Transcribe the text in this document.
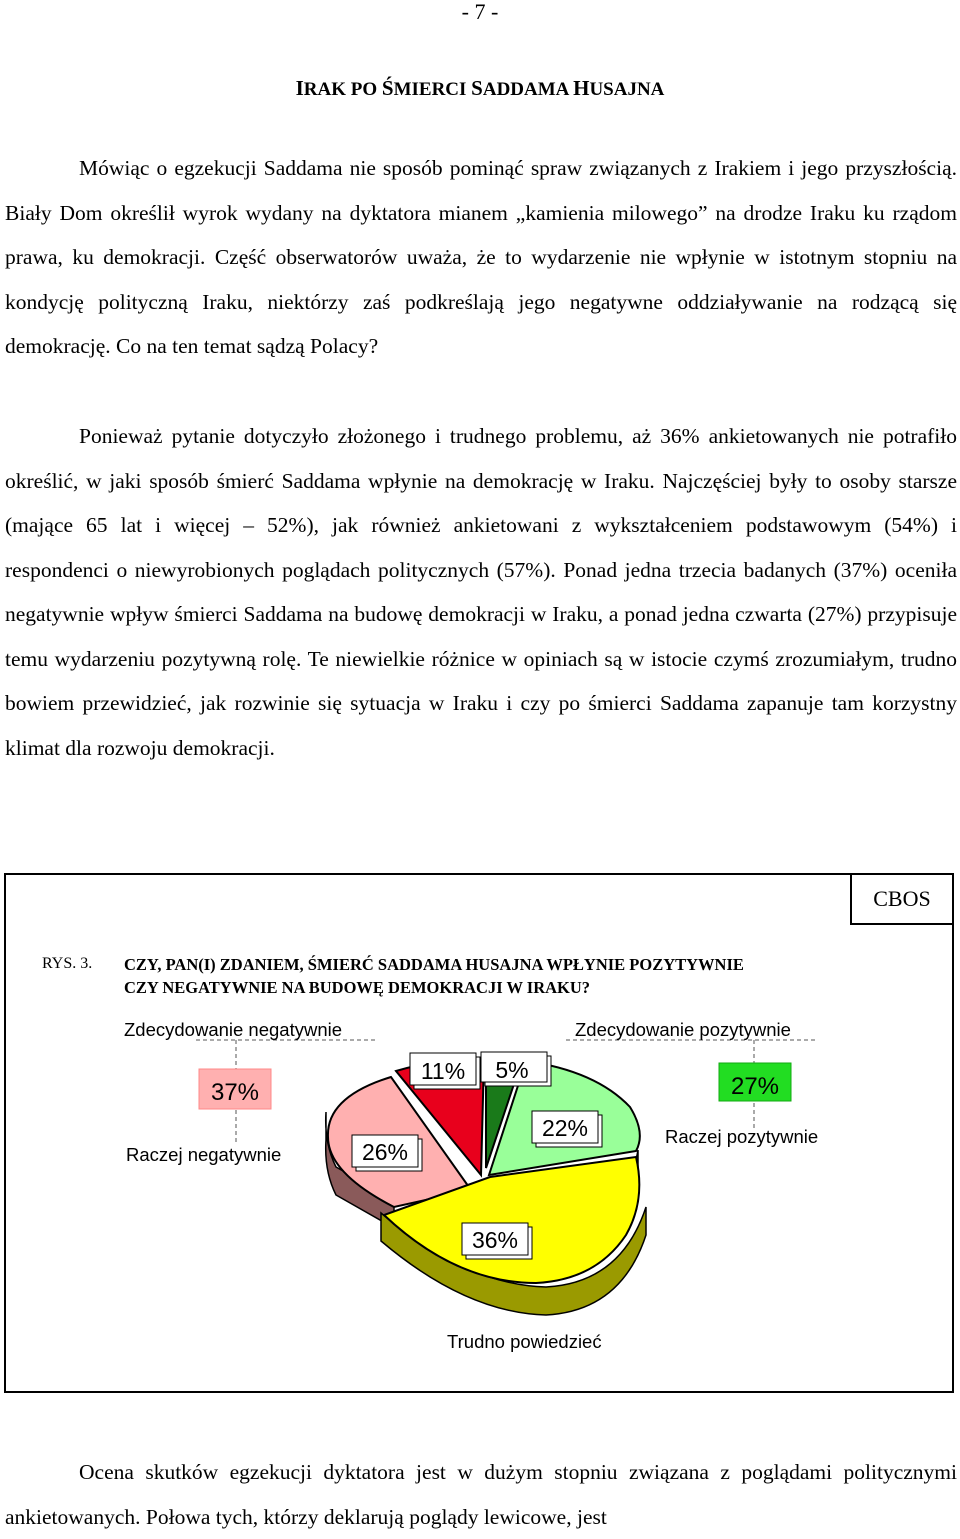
- 7 -
IRAK PO ŚMIERCI SADDAMA HUSAJNA

Mówiąc o egzekucji Saddama nie sposób pominąć spraw związanych z Irakiem i jego przyszłością. Biały Dom określił wyrok wydany na dyktatora mianem „kamienia milowego” na drodze Iraku ku rządom prawa, ku demokracji. Część obserwatorów uważa, że to wydarzenie nie wpłynie w istotnym stopniu na kondycję polityczną Iraku, niektórzy zaś podkreślają jego negatywne oddziaływanie na rodzącą się demokrację. Co na ten temat sądzą Polacy?

Ponieważ pytanie dotyczyło złożonego i trudnego problemu, aż 36% ankietowanych nie potrafiło określić, w jaki sposób śmierć Saddama wpłynie na demokrację w Iraku. Najczęściej były to osoby starsze (mające 65 lat i więcej – 52%), jak również ankietowani z wykształceniem podstawowym (54%) i respondenci o niewyrobionych poglądach politycznych (57%). Ponad jedna trzecia badanych (37%) oceniła negatywnie wpływ śmierci Saddama na budowę demokracji w Iraku, a ponad jedna czwarta (27%) przypisuje temu wydarzeniu pozytywną rolę. Te niewielkie różnice w opiniach są w istocie czymś zrozumiałym, trudno bowiem przewidzieć, jak rozwinie się sytuacja w Iraku i czy po śmierci Saddama zapanuje tam korzystny klimat dla rozwoju demokracji.

CBOS
RYS. 3. CZY, PAN(I) ZDANIEM, ŚMIERĆ SADDAMA HUSAJNA WPŁYNIE POZYTYWNIE
CZY NEGATYWNIE NA BUDOWĘ DEMOKRACJI W IRAKU?
37%	27%
11% 5%
22%
26%
36%
Zdecydowanie negatywnie	Zdecydowanie pozytywnie
Raczej negatywnie
Raczej pozytywnie
Trudno powiedzieć

Ocena skutków egzekucji dyktatora jest w dużym stopniu związana z poglądami politycznymi ankietowanych. Połowa tych, którzy deklarują poglądy lewicowe, jest
